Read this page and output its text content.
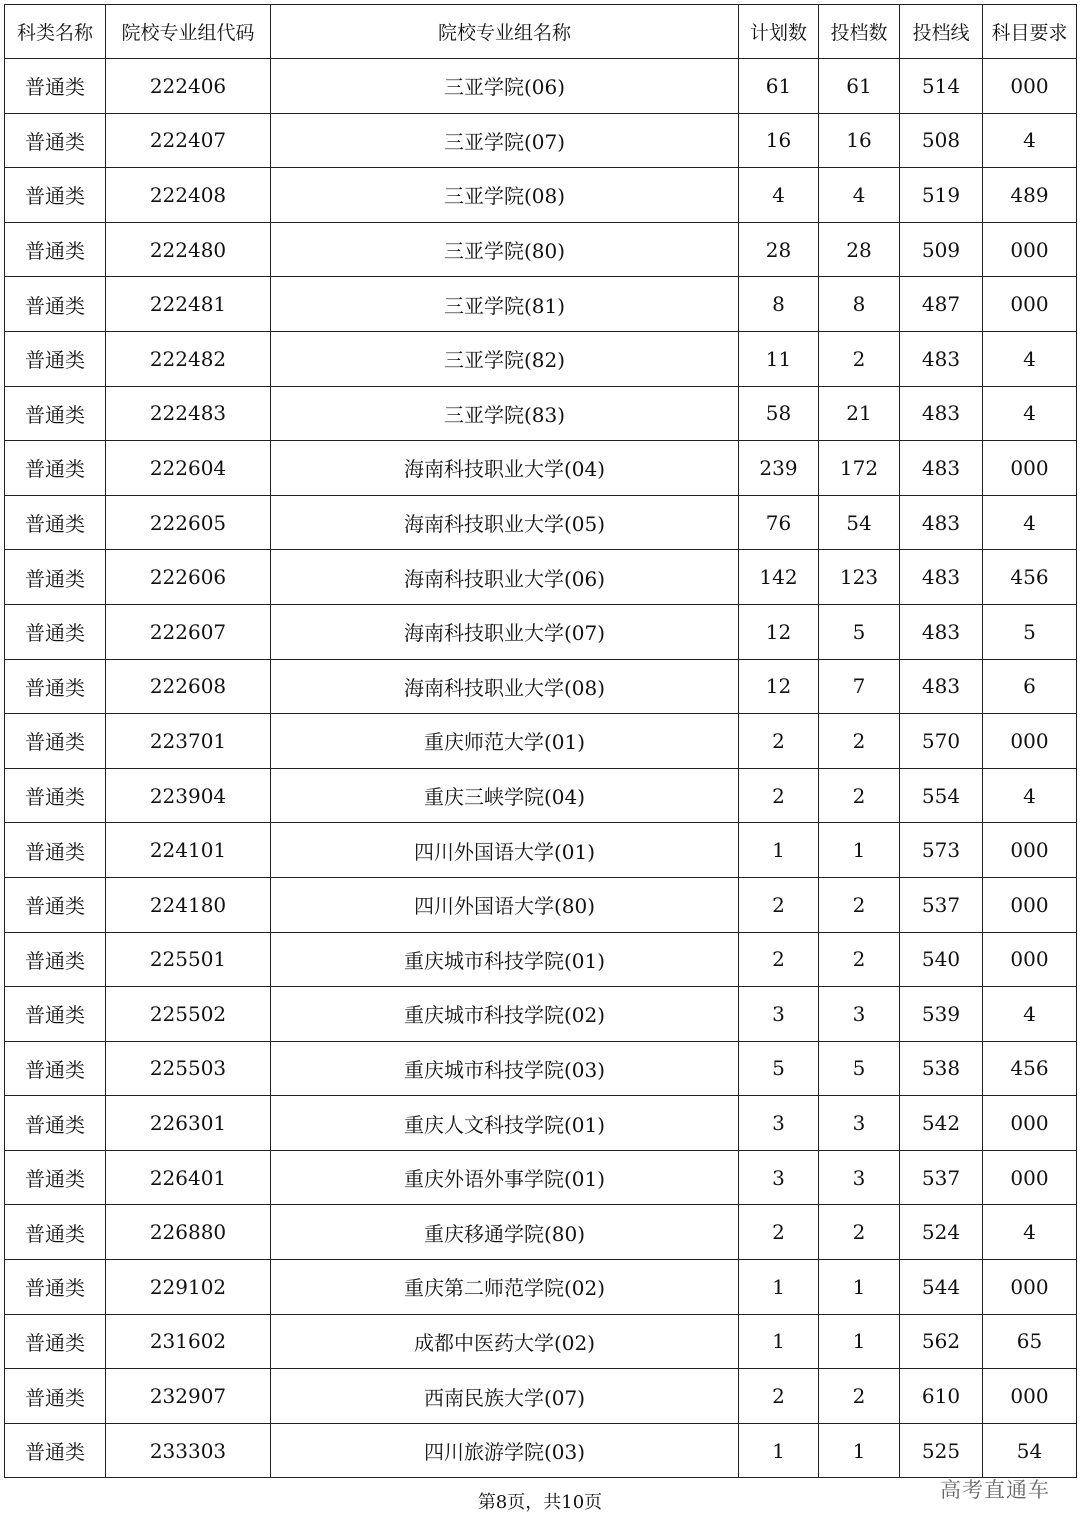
科类名称	院校专业组代码	院校专业组名称	计划数	投档数	投档线	科目要求
普通类	222406	三亚学院(06)	61	61	514	000
普通类	222407	三亚学院(07)	16	16	508	4
普通类	222408	三亚学院(08)	4	4	519	489
普通类	222480	三亚学院(80)	28	28	509	000
普通类	222481	三亚学院(81)	8	8	487	000
普通类	222482	三亚学院(82)	11	2	483	4
普通类	222483	三亚学院(83)	58	21	483	4
普通类	222604	海南科技职业大学(04)	239	172	483	000
普通类	222605	海南科技职业大学(05)	76	54	483	4
普通类	222606	海南科技职业大学(06)	142	123	483	456
普通类	222607	海南科技职业大学(07)	12	5	483	5
普通类	222608	海南科技职业大学(08)	12	7	483	6
普通类	223701	重庆师范大学(01)	2	2	570	000
普通类	223904	重庆三峡学院(04)	2	2	554	4
普通类	224101	四川外国语大学(01)	1	1	573	000
普通类	224180	四川外国语大学(80)	2	2	537	000
普通类	225501	重庆城市科技学院(01)	2	2	540	000
普通类	225502	重庆城市科技学院(02)	3	3	539	4
普通类	225503	重庆城市科技学院(03)	5	5	538	456
普通类	226301	重庆人文科技学院(01)	3	3	542	000
普通类	226401	重庆外语外事学院(01)	3	3	537	000
普通类	226880	重庆移通学院(80)	2	2	524	4
普通类	229102	重庆第二师范学院(02)	1	1	544	000
普通类	231602	成都中医药大学(02)	1	1	562	65
普通类	232907	西南民族大学(07)	2	2	610	000
普通类	233303	四川旅游学院(03)	1	1	525	54
第8页，共10页
高考直通车
